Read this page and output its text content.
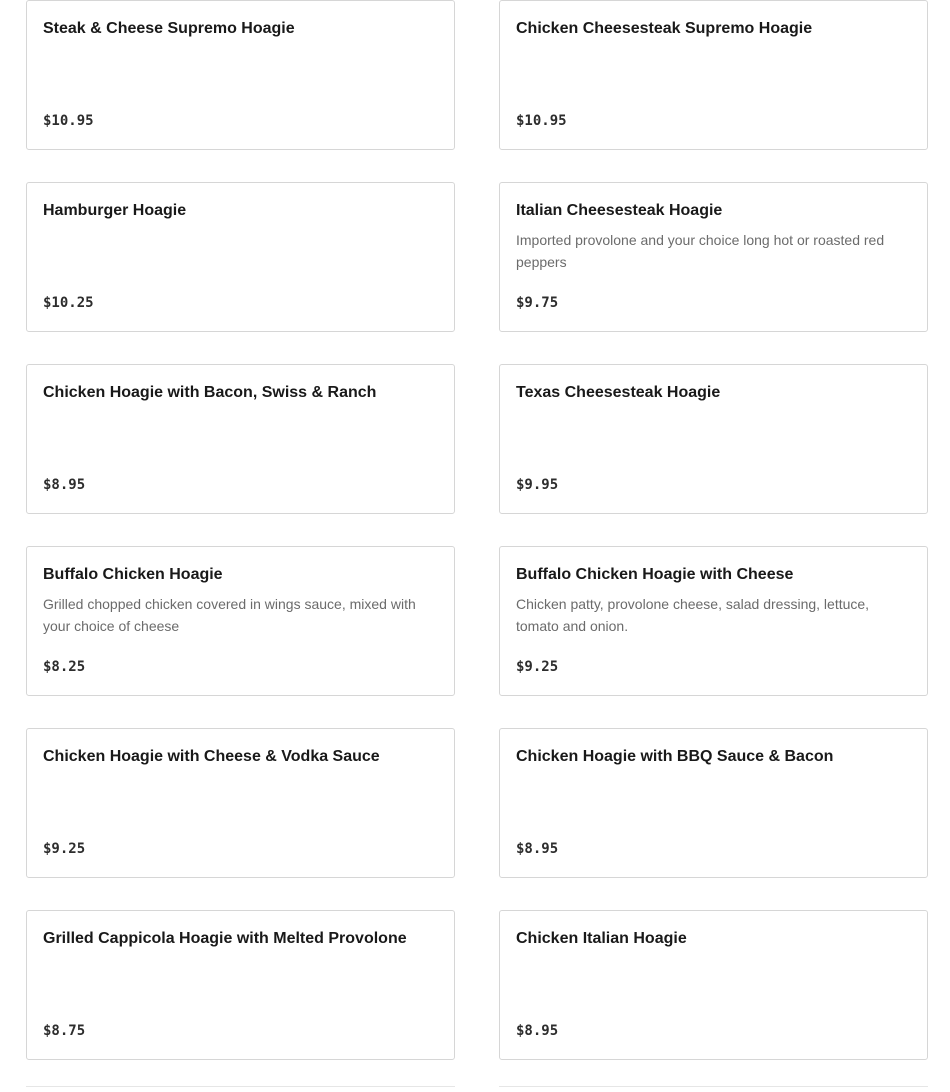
Steak & Cheese Supremo Hoagie
$10.95
Chicken Cheesesteak Supremo Hoagie
$10.95
Hamburger Hoagie
$10.25
Italian Cheesesteak Hoagie
Imported provolone and your choice long hot or roasted red peppers
$9.75
Chicken Hoagie with Bacon, Swiss & Ranch
$8.95
Texas Cheesesteak Hoagie
$9.95
Buffalo Chicken Hoagie
Grilled chopped chicken covered in wings sauce, mixed with your choice of cheese
$8.25
Buffalo Chicken Hoagie with Cheese
Chicken patty, provolone cheese, salad dressing, lettuce, tomato and onion.
$9.25
Chicken Hoagie with Cheese & Vodka Sauce
$9.25
Chicken Hoagie with BBQ Sauce & Bacon
$8.95
Grilled Cappicola Hoagie with Melted Provolone
$8.75
Chicken Italian Hoagie
$8.95
